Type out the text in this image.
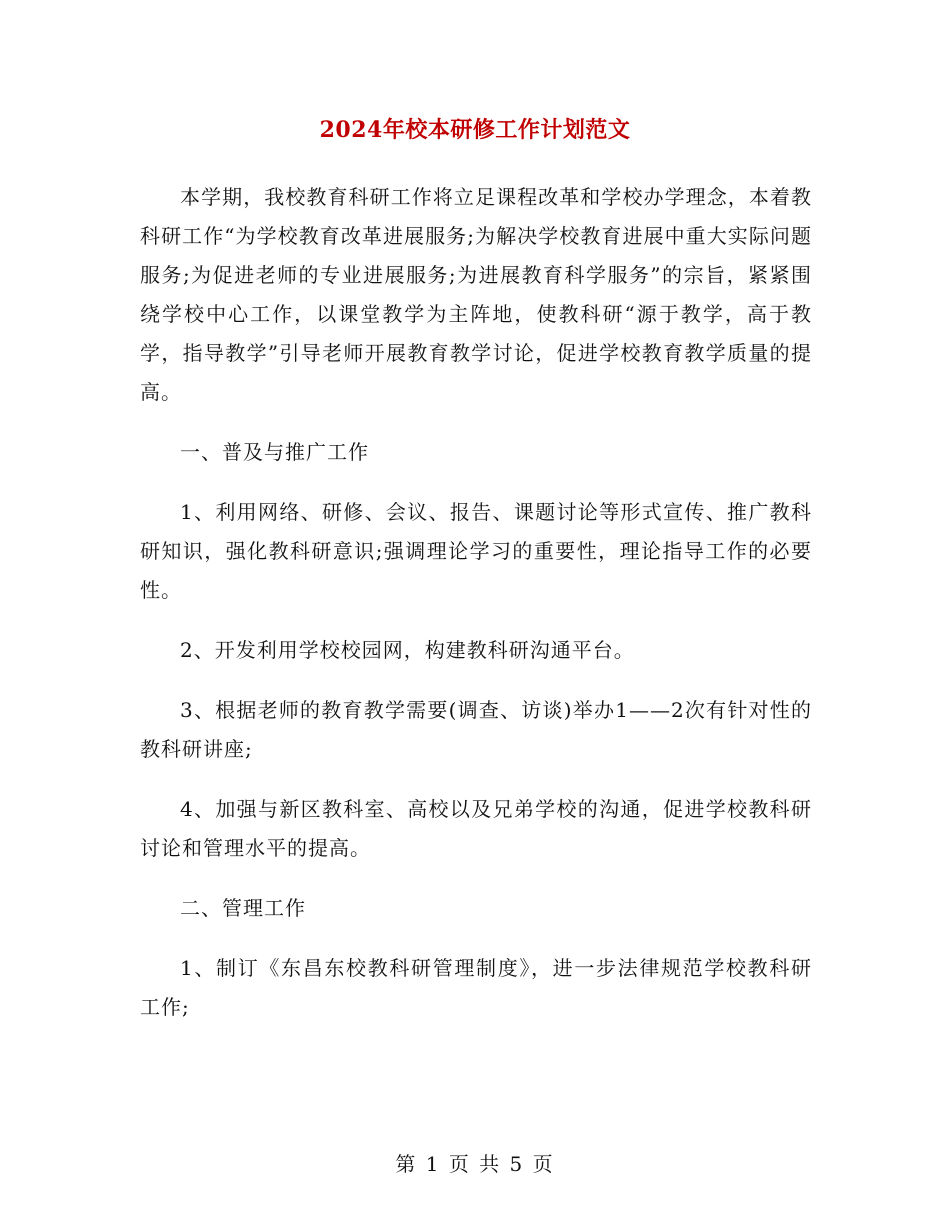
2024年校本研修工作计划范文

本学期，我校教育科研工作将立足课程改革和学校办学理念，本着教科研工作“为学校教育改革进展服务;为解决学校教育进展中重大实际问题服务;为促进老师的专业进展服务;为进展教育科学服务”的宗旨，紧紧围绕学校中心工作，以课堂教学为主阵地，使教科研“源于教学，高于教学，指导教学”引导老师开展教育教学讨论，促进学校教育教学质量的提高。

一、普及与推广工作

1、利用网络、研修、会议、报告、课题讨论等形式宣传、推广教科研知识，强化教科研意识;强调理论学习的重要性，理论指导工作的必要性。

2、开发利用学校校园网，构建教科研沟通平台。

3、根据老师的教育教学需要(调查、访谈)举办1——2次有针对性的教科研讲座;

4、加强与新区教科室、高校以及兄弟学校的沟通，促进学校教科研讨论和管理水平的提高。

二、管理工作

1、制订《东昌东校教科研管理制度》，进一步法律规范学校教科研工作;

第 1 页 共 5 页
